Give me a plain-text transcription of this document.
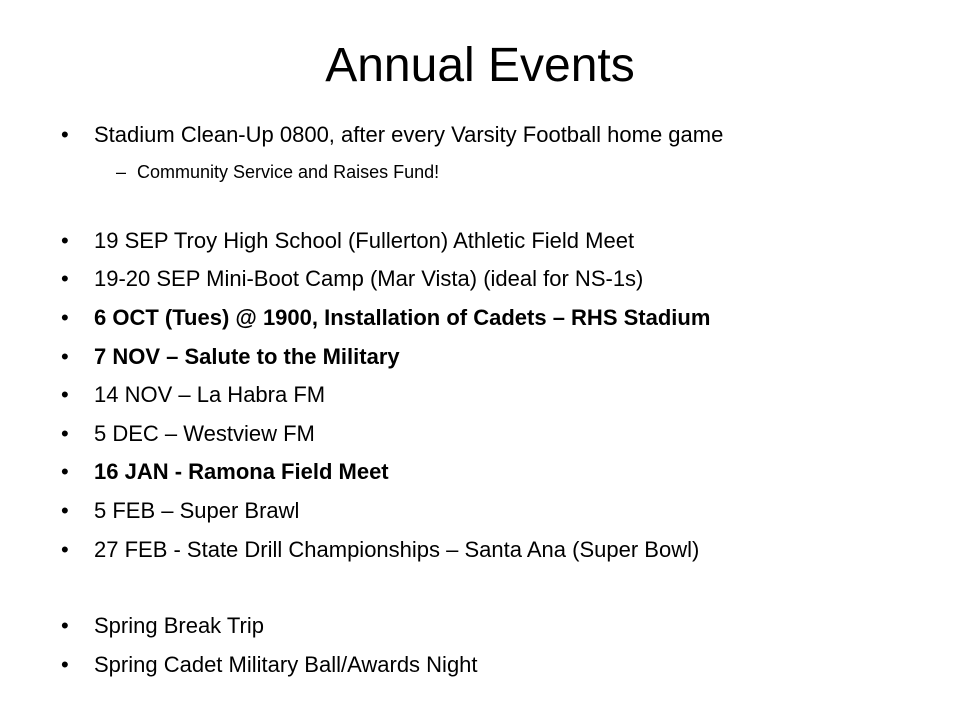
Annual Events
• Stadium Clean-Up 0800, after every Varsity Football home game
– Community Service and Raises Fund!
• 19 SEP Troy High School (Fullerton) Athletic Field Meet
• 19-20 SEP Mini-Boot Camp (Mar Vista) (ideal for NS-1s)
• 6 OCT (Tues) @ 1900, Installation of Cadets – RHS Stadium
• 7 NOV – Salute to the Military
• 14 NOV – La Habra FM
• 5 DEC – Westview FM
• 16 JAN - Ramona Field Meet
• 5 FEB – Super Brawl
• 27 FEB - State Drill Championships – Santa Ana (Super Bowl)
• Spring Break Trip
• Spring Cadet Military Ball/Awards Night
